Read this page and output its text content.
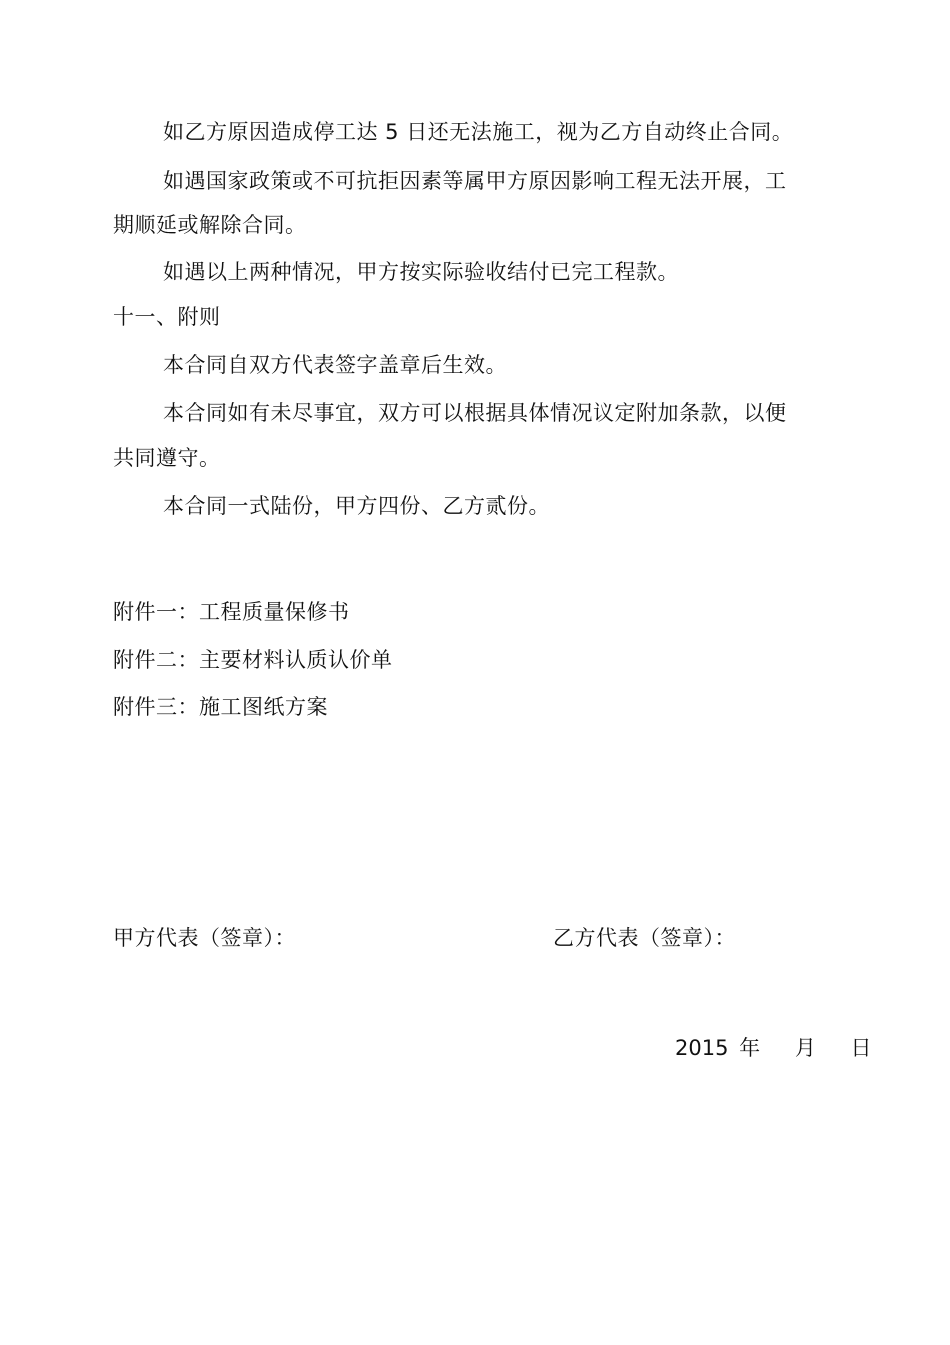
如乙方原因造成停工达 5 日还无法施工，视为乙方自动终止合同。
如遇国家政策或不可抗拒因素等属甲方原因影响工程无法开展，工
期顺延或解除合同。
如遇以上两种情况，甲方按实际验收结付已完工程款。
十一、附则
本合同自双方代表签字盖章后生效。
本合同如有未尽事宜，双方可以根据具体情况议定附加条款，以便
共同遵守。
本合同一式陆份，甲方四份、乙方贰份。
附件一：工程质量保修书
附件二：主要材料认质认价单
附件三：施工图纸方案
甲方代表（签章）：	乙方代表（签章）：
2015 年 月 日
